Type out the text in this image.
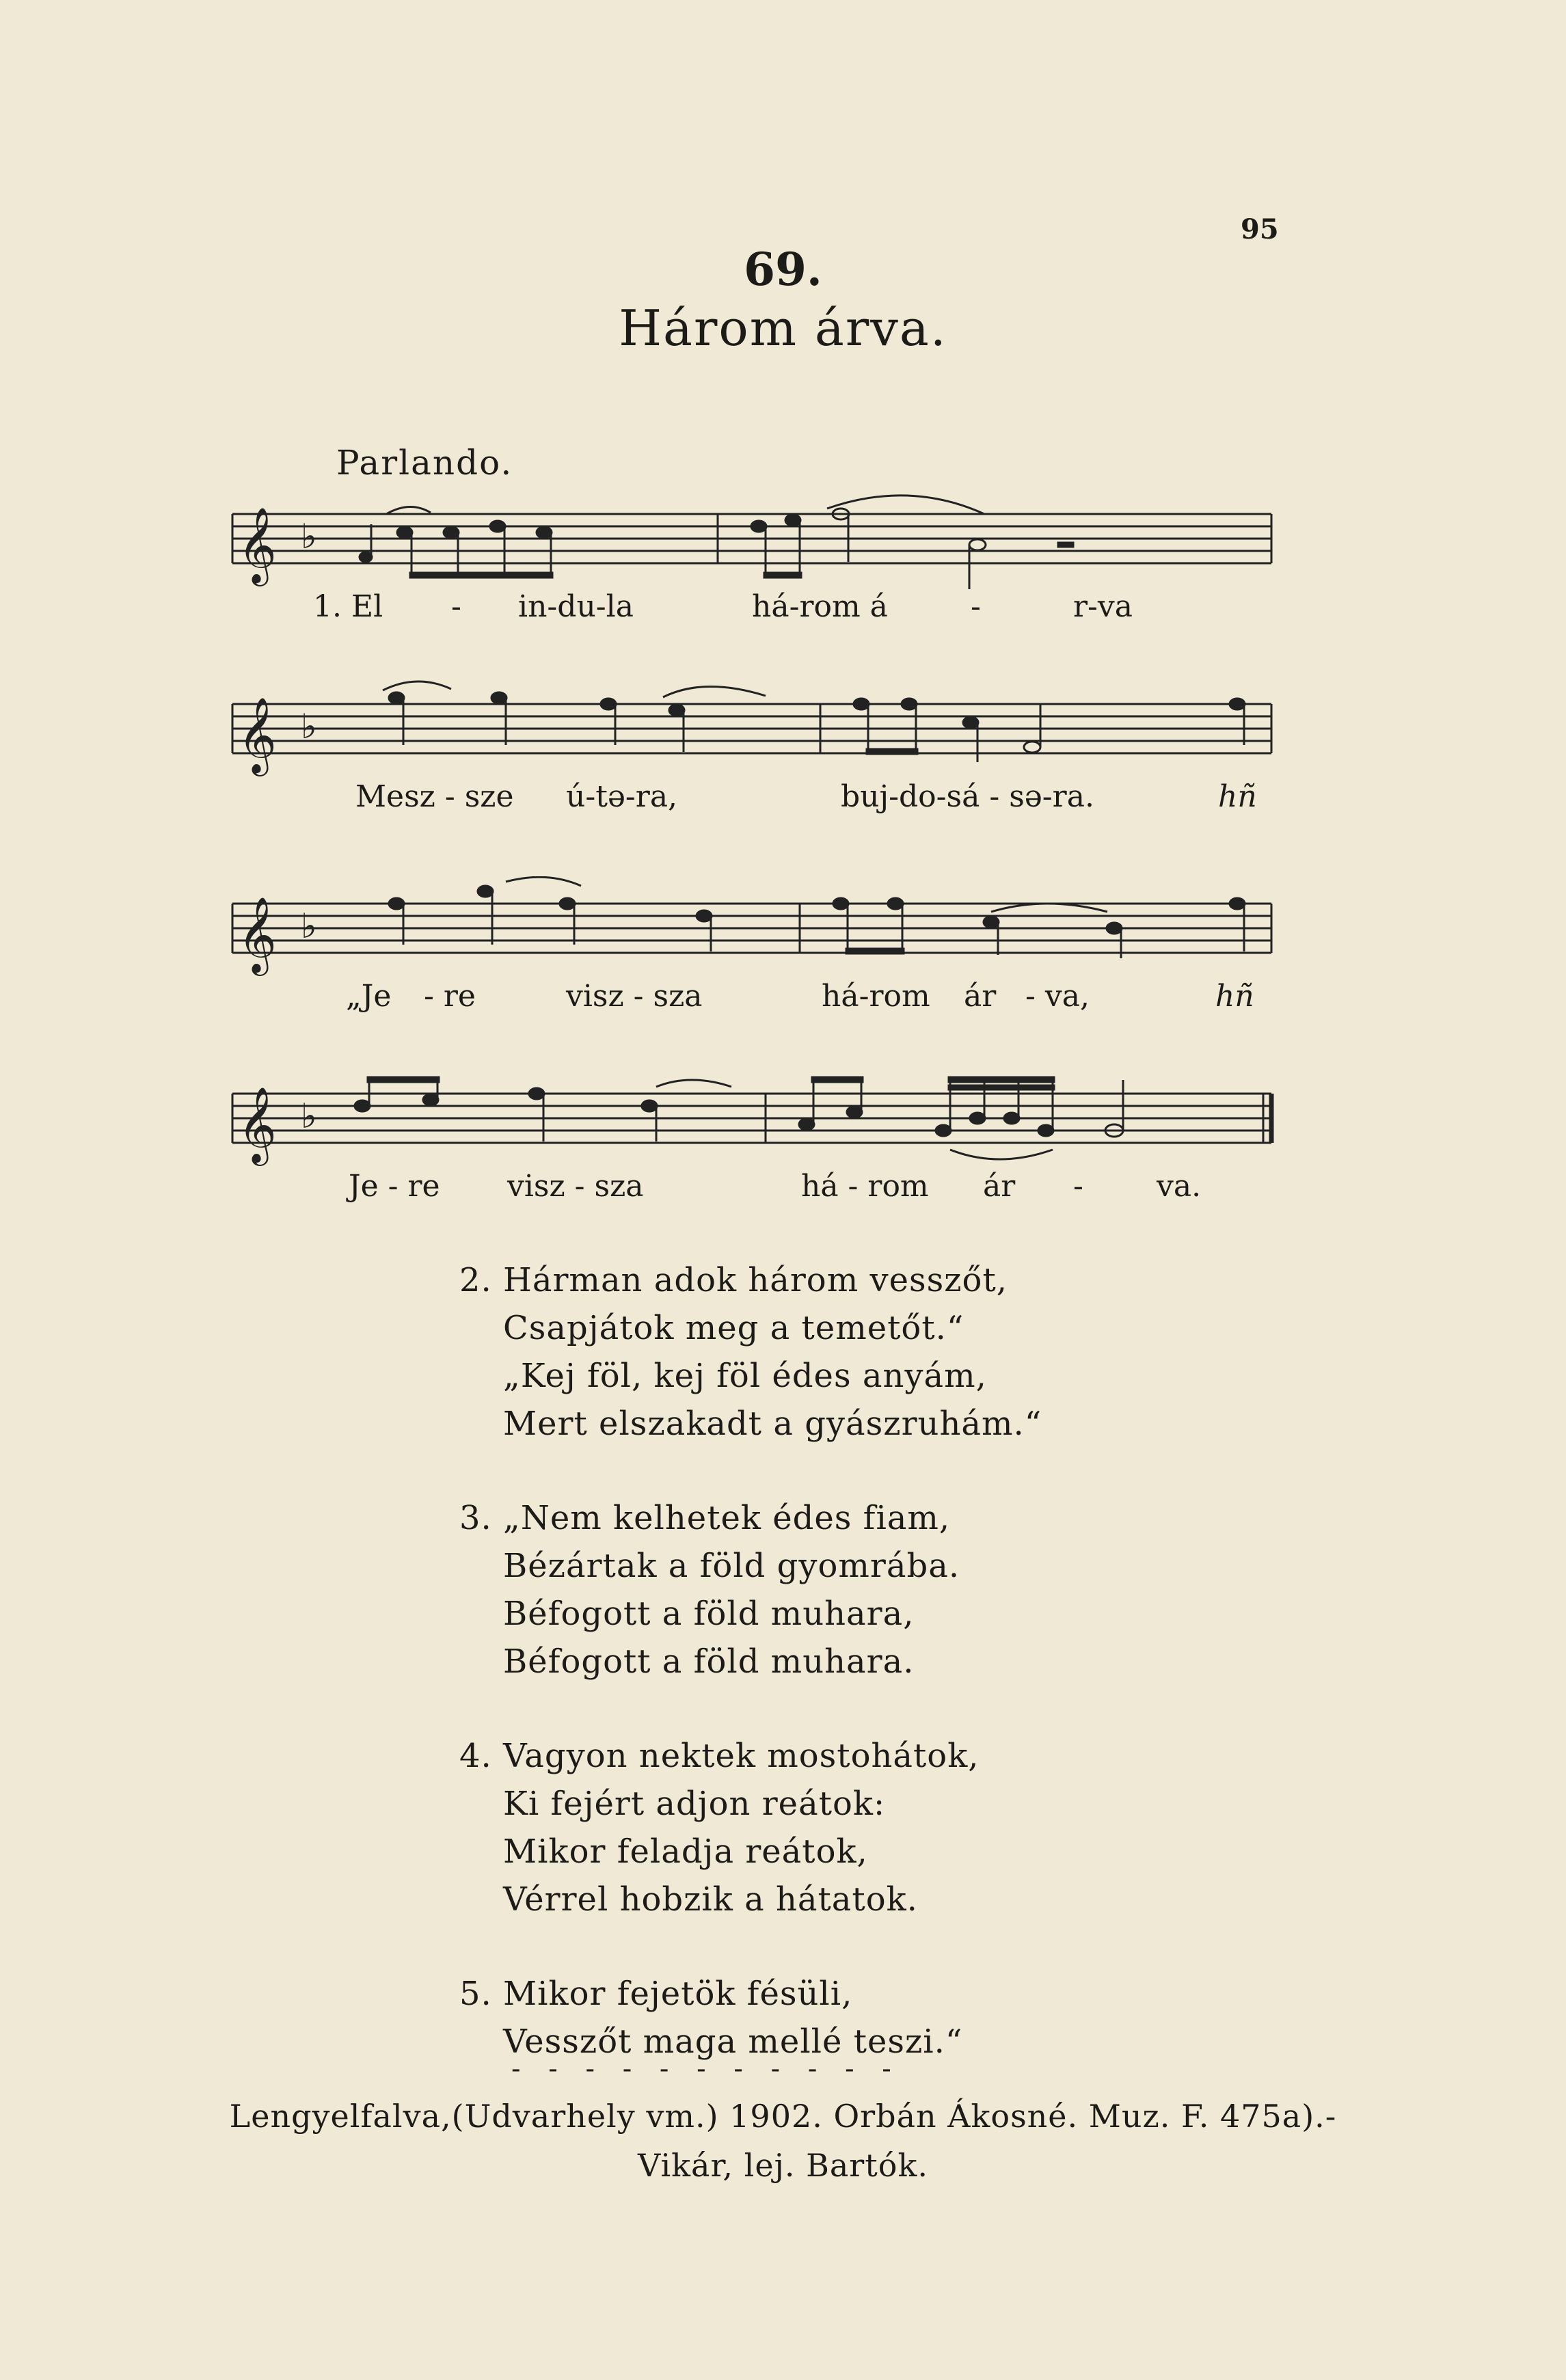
95
69.
Három árva.
Parlando.
𝄞 ♭
1. El - in-du-la	há-rom á	-	r-va
𝄞 ♭
Mesz - sze ú-tə-ra,	buj-do-sá - sə-ra.	hñ
𝄞 ♭
„Je - re	visz - sza	há-rom ár - va,	hñ
𝄞 ♭
Je - re visz - sza	há - rom ár - va.
2. Hárman adok három vesszőt,
Csapjátok meg a temetőt.“
„Kej föl, kej föl édes anyám,
Mert elszakadt a gyászruhám.“
3. „Nem kelhetek édes fiam,
Bézártak a föld gyomrába.
Béfogott a föld muhara,
Béfogott a föld muhara.
4. Vagyon nektek mostohátok,
Ki fejért adjon reátok:
Mikor feladja reátok,
Vérrel hobzik a hátatok.
5. Mikor fejetök fésüli,
Vesszőt maga mellé teszi.“
- - - - - - - - - - -
Lengyelfalva,(Udvarhely vm.) 1902. Orbán Ákosné. Muz. F. 475a).-
Vikár, lej. Bartók.
